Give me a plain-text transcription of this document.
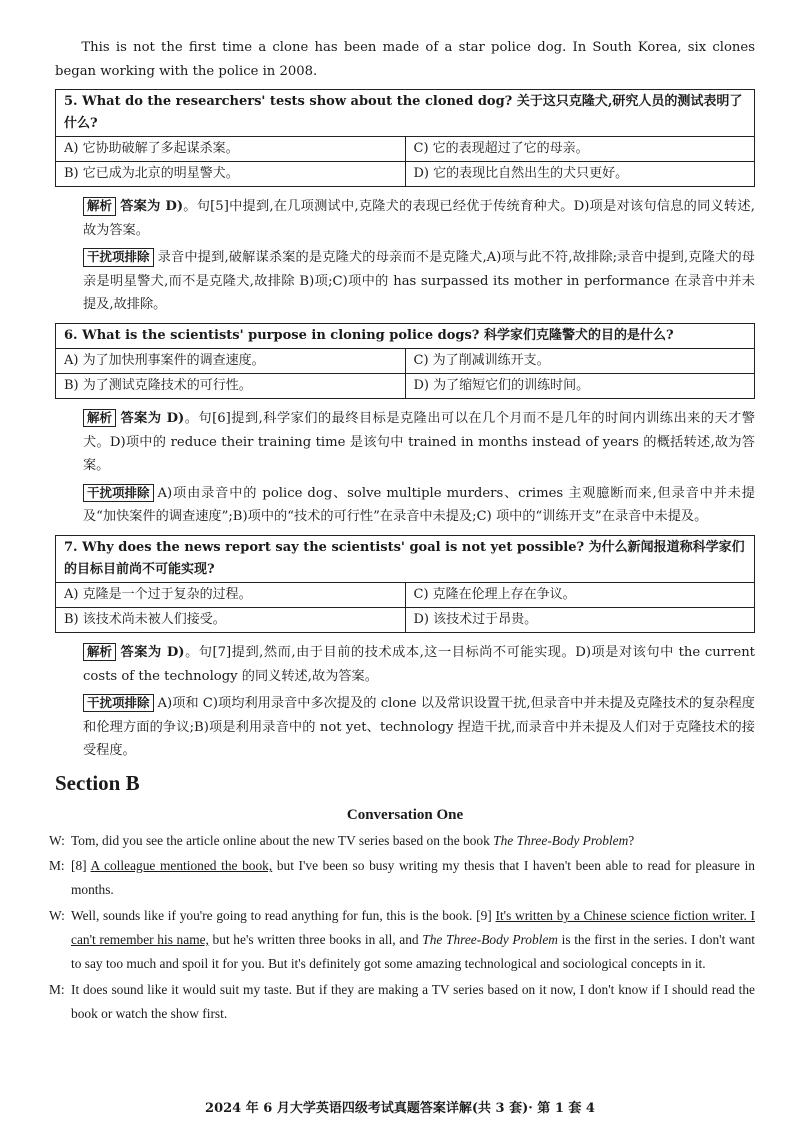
This is not the first time a clone has been made of a star police dog. In South Korea, six clones began working with the police in 2008.

5. What do the researchers' tests show about the cloned dog? 关于这只克隆犬,研究人员的测试表明了什么?	
A) 它协助破解了多起谋杀案。	C) 它的表现超过了它的母亲。
B) 它已成为北京的明星警犬。	D) 它的表现比自然出生的犬只更好。

解析 答案为 D)。句[5]中提到,在几项测试中,克隆犬的表现已经优于传统育种犬。D)项是对该句信息的同义转述,故为答案。

干扰项排除 录音中提到,破解谋杀案的是克隆犬的母亲而不是克隆犬,A)项与此不符,故排除;录音中提到,克隆犬的母亲是明星警犬,而不是克隆犬,故排除 B)项;C)项中的 has surpassed its mother in performance 在录音中并未提及,故排除。

6. What is the scientists' purpose in cloning police dogs? 科学家们克隆警犬的目的是什么?	
A) 为了加快刑事案件的调查速度。	C) 为了削减训练开支。
B) 为了测试克隆技术的可行性。	D) 为了缩短它们的训练时间。

解析 答案为 D)。句[6]提到,科学家们的最终目标是克隆出可以在几个月而不是几年的时间内训练出来的天才警犬。D)项中的 reduce their training time 是该句中 trained in months instead of years 的概括转述,故为答案。

干扰项排除 A)项由录音中的 police dog、solve multiple murders、crimes 主观臆断而来,但录音中并未提及“加快案件的调查速度”;B)项中的“技术的可行性”在录音中未提及;C) 项中的“训练开支”在录音中未提及。

7. Why does the news report say the scientists' goal is not yet possible? 为什么新闻报道称科学家们的目标目前尚不可能实现?	
A) 克隆是一个过于复杂的过程。	C) 克隆在伦理上存在争议。
B) 该技术尚未被人们接受。	D) 该技术过于昂贵。

解析 答案为 D)。句[7]提到,然而,由于目前的技术成本,这一目标尚不可能实现。D)项是对该句中 the current costs of the technology 的同义转述,故为答案。

干扰项排除 A)项和 C)项均利用录音中多次提及的 clone 以及常识设置干扰,但录音中并未提及克隆技术的复杂程度和伦理方面的争议;B)项是利用录音中的 not yet、technology 捏造干扰,而录音中并未提及人们对于克隆技术的接受程度。

Section B
Conversation One
W: Tom, did you see the article online about the new TV series based on the book The Three-Body Problem?
M: [8] A colleague mentioned the book, but I've been so busy writing my thesis that I haven't been able to read for pleasure in months.
W: Well, sounds like if you're going to read anything for fun, this is the book. [9] It's written by a Chinese science fiction writer. I can't remember his name, but he's written three books in all, and The Three-Body Problem is the first in the series. I don't want to say too much and spoil it for you. But it's definitely got some amazing technological and sociological concepts in it.
M: It does sound like it would suit my taste. But if they are making a TV series based on it now, I don't know if I should read the book or watch the show first.
2024 年 6 月大学英语四级考试真题答案详解(共 3 套)· 第 1 套 4
